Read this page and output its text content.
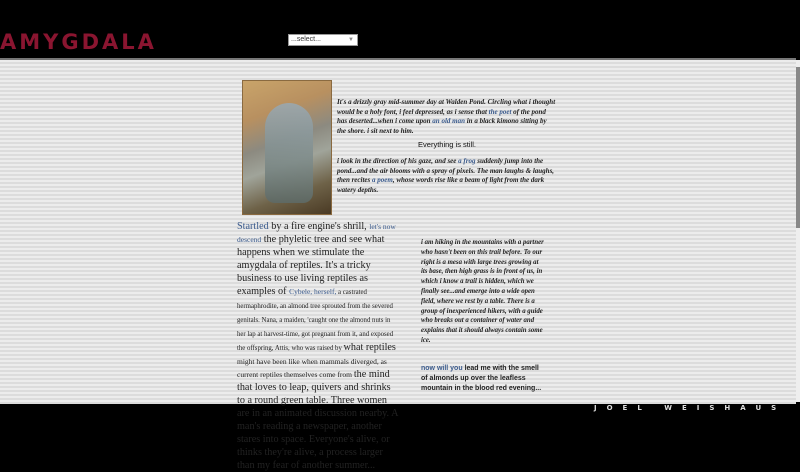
AMYGDALA	...select...	▼
It's a drizzly gray mid-summer day at Walden Pond. Circling what i thought would be a holy font, i feel depressed, as i sense that the poet of the pond has deserted...when i come upon an old man in a black kimono sitting by the shore. i sit next to him.
Everything is still.
i look in the direction of his gaze, and see a frog suddenly jump into the pond...and the air blooms with a spray of pixels. The man laughs & laughs, then recites a poem, whose words rise like a beam of light from the dark watery depths.
Startled by a fire engine's shrill, let's now descend the phyletic tree and see what happens when we stimulate the amygdala of reptiles. It's a tricky business to use living reptiles as examples of Cybele, herself, a castrated hermaphrodite, an almond tree sprouted from the severed genitals. Nana, a maiden, 'caught one the almond nuts in her lap at harvest-time, got pregnant from it, and exposed the offspring, Attis, who was raised by what reptiles might have been like when mammals diverged, as current reptiles themselves come from the mind that loves to leap, quivers and shrinks to a round green table. Three women are in an animated discussion nearby. A man's reading a newspaper, another stares into space. Everyone's alive, or thinks they're alive, a process larger than my fear of another summer...
i am hiking in the mountains with a partner who hasn't been on this trail before. To our right is a mesa with large trees growing at its base, then high grass is in front of us, in which i know a trail is hidden, which we finally see...and emerge into a wide open field, where we rest by a table. There is a group of inexperienced hikers, with a guide who breaks out a container of water and explains that it should always contain some ice.
now will you lead me with the smell of almonds up over the leafless mountain in the blood red evening...
JOEL WEISHAUS
